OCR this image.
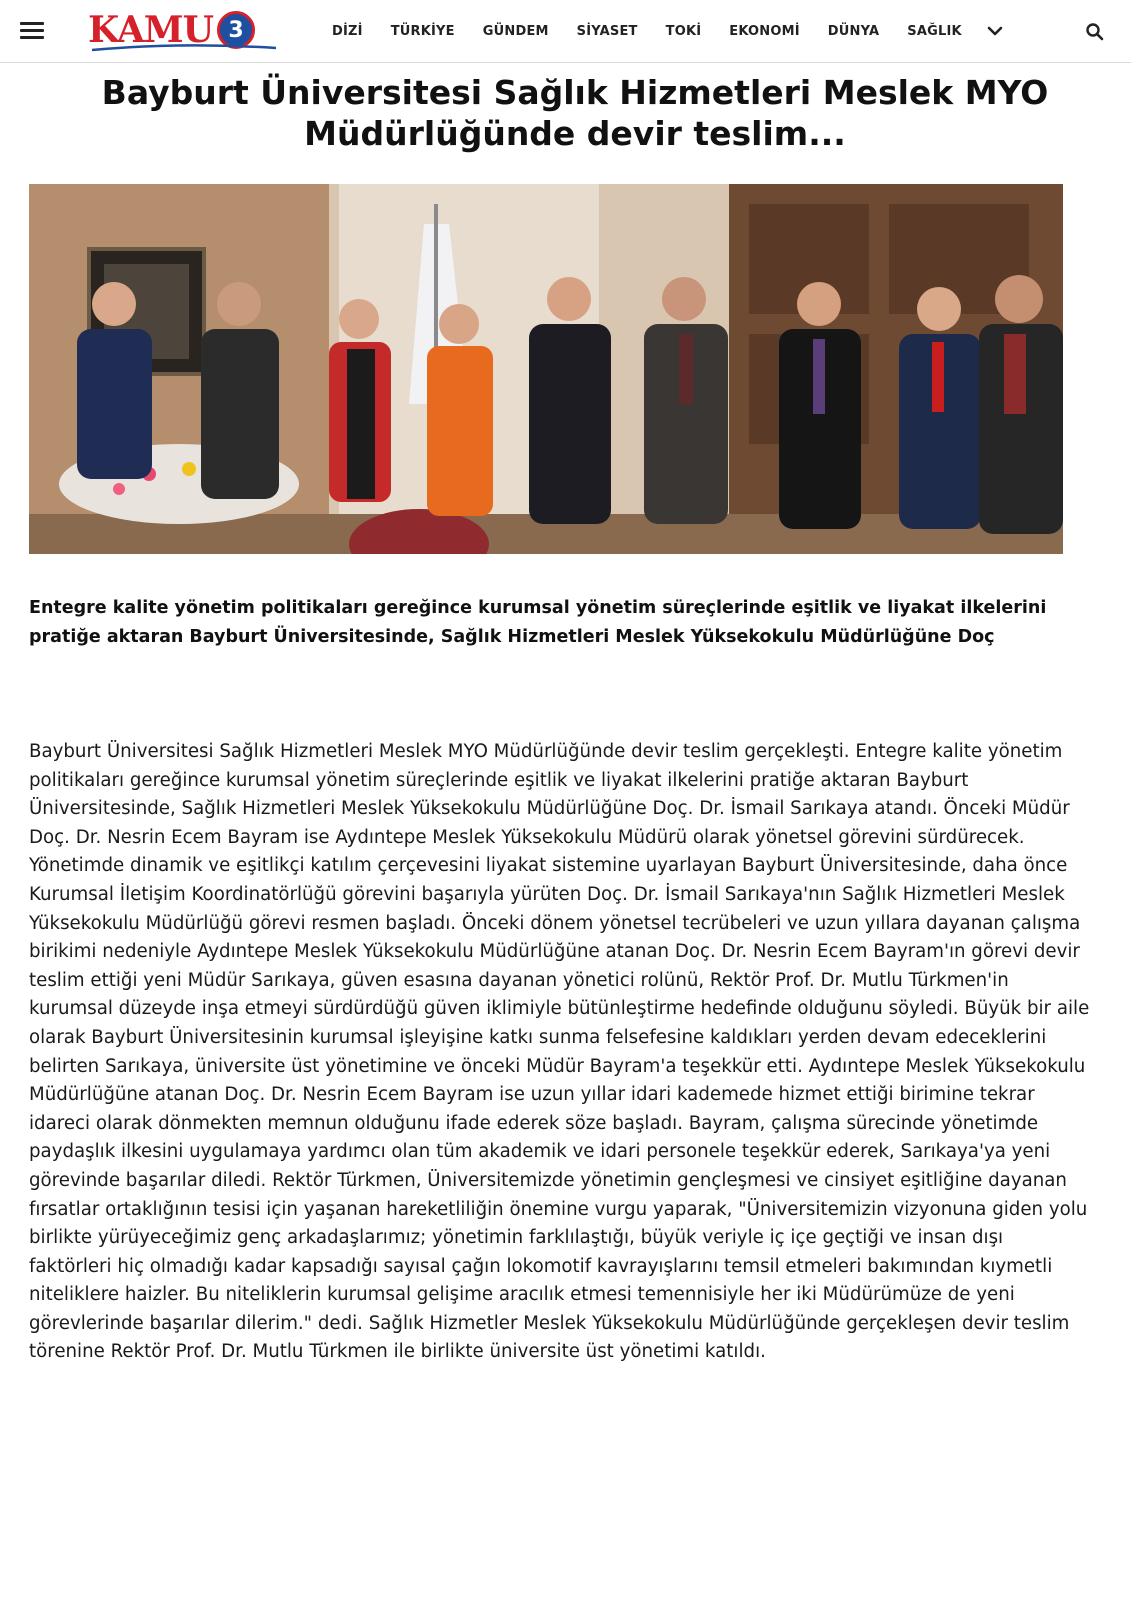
KAMU 3	DİZİ TÜRKİYE GÜNDEM SİYASET TOKİ EKONOMİ DÜNYA SAĞLIK
Bayburt Üniversitesi Sağlık Hizmetleri Meslek MYO Müdürlüğünde devir teslim...

Entegre kalite yönetim politikaları gereğince kurumsal yönetim süreçlerinde eşitlik ve liyakat ilkelerini pratiğe aktaran Bayburt Üniversitesinde, Sağlık Hizmetleri Meslek Yüksekokulu Müdürlüğüne Doç

Bayburt Üniversitesi Sağlık Hizmetleri Meslek MYO Müdürlüğünde devir teslim gerçekleşti. Entegre kalite yönetim politikaları gereğince kurumsal yönetim süreçlerinde eşitlik ve liyakat ilkelerini pratiğe aktaran Bayburt Üniversitesinde, Sağlık Hizmetleri Meslek Yüksekokulu Müdürlüğüne Doç. Dr. İsmail Sarıkaya atandı. Önceki Müdür Doç. Dr. Nesrin Ecem Bayram ise Aydıntepe Meslek Yüksekokulu Müdürü olarak yönetsel görevini sürdürecek. Yönetimde dinamik ve eşitlikçi katılım çerçevesini liyakat sistemine uyarlayan Bayburt Üniversitesinde, daha önce Kurumsal İletişim Koordinatörlüğü görevini başarıyla yürüten Doç. Dr. İsmail Sarıkaya'nın Sağlık Hizmetleri Meslek Yüksekokulu Müdürlüğü görevi resmen başladı. Önceki dönem yönetsel tecrübeleri ve uzun yıllara dayanan çalışma birikimi nedeniyle Aydıntepe Meslek Yüksekokulu Müdürlüğüne atanan Doç. Dr. Nesrin Ecem Bayram'ın görevi devir teslim ettiği yeni Müdür Sarıkaya, güven esasına dayanan yönetici rolünü, Rektör Prof. Dr. Mutlu Türkmen'in kurumsal düzeyde inşa etmeyi sürdürdüğü güven iklimiyle bütünleştirme hedefinde olduğunu söyledi. Büyük bir aile olarak Bayburt Üniversitesinin kurumsal işleyişine katkı sunma felsefesine kaldıkları yerden devam edeceklerini belirten Sarıkaya, üniversite üst yönetimine ve önceki Müdür Bayram'a teşekkür etti. Aydıntepe Meslek Yüksekokulu Müdürlüğüne atanan Doç. Dr. Nesrin Ecem Bayram ise uzun yıllar idari kademede hizmet ettiği birimine tekrar idareci olarak dönmekten memnun olduğunu ifade ederek söze başladı. Bayram, çalışma sürecinde yönetimde paydaşlık ilkesini uygulamaya yardımcı olan tüm akademik ve idari personele teşekkür ederek, Sarıkaya'ya yeni görevinde başarılar diledi. Rektör Türkmen, Üniversitemizde yönetimin gençleşmesi ve cinsiyet eşitliğine dayanan fırsatlar ortaklığının tesisi için yaşanan hareketliliğin önemine vurgu yaparak, "Üniversitemizin vizyonuna giden yolu birlikte yürüyeceğimiz genç arkadaşlarımız; yönetimin farklılaştığı, büyük veriyle iç içe geçtiği ve insan dışı faktörleri hiç olmadığı kadar kapsadığı sayısal çağın lokomotif kavrayışlarını temsil etmeleri bakımından kıymetli niteliklere haizler. Bu niteliklerin kurumsal gelişime aracılık etmesi temennisiyle her iki Müdürümüze de yeni görevlerinde başarılar dilerim." dedi. Sağlık Hizmetler Meslek Yüksekokulu Müdürlüğünde gerçekleşen devir teslim törenine Rektör Prof. Dr. Mutlu Türkmen ile birlikte üniversite üst yönetimi katıldı.
